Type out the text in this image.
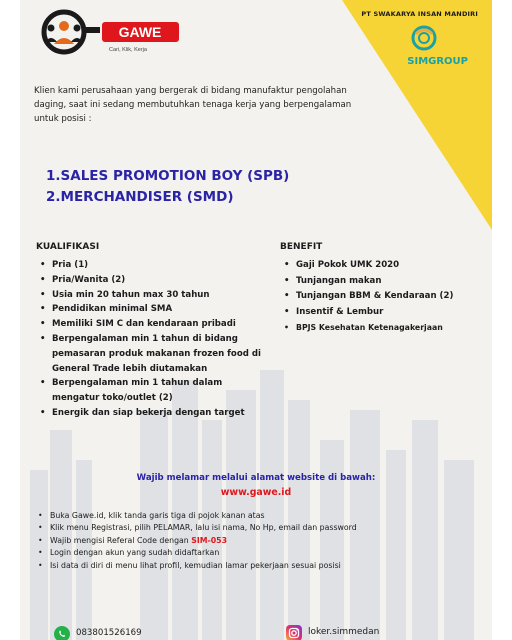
GAWE
Cari, Klik, Kerja
PT SWAKARYA INSAN MANDIRI
SIMGROUP

Klien kami perusahaan yang bergerak di bidang manufaktur pengolahan daging, saat ini sedang membutuhkan tenaga kerja yang berpengalaman untuk posisi :

1.SALES PROMOTION BOY (SPB)
2.MERCHANDISER (SMD)
KUALIFIKASI
• Pria (1)
• Pria/Wanita (2)
• Usia min 20 tahun max 30 tahun
• Pendidikan minimal SMA
• Memiliki SIM C dan kendaraan pribadi
• Berpengalaman min 1 tahun di bidang pemasaran produk makanan frozen food di General Trade lebih diutamakan
• Berpengalaman min 1 tahun dalam mengatur toko/outlet (2)
• Energik dan siap bekerja dengan target
BENEFIT
• Gaji Pokok UMK 2020
• Tunjangan makan
• Tunjangan BBM & Kendaraan (2)
• Insentif & Lembur
• BPJS Kesehatan Ketenagakerjaan
Wajib melamar melalui alamat website di bawah:
www.gawe.id
• Buka Gawe.id, klik tanda garis tiga di pojok kanan atas
• Klik menu Registrasi, pilih PELAMAR, lalu isi nama, No Hp, email dan password
• Wajib mengisi Referal Code dengan SIM-053
• Login dengan akun yang sudah didaftarkan
• Isi data di diri di menu lihat profil, kemudian lamar pekerjaan sesuai posisi
083801526169	loker.simmedan
